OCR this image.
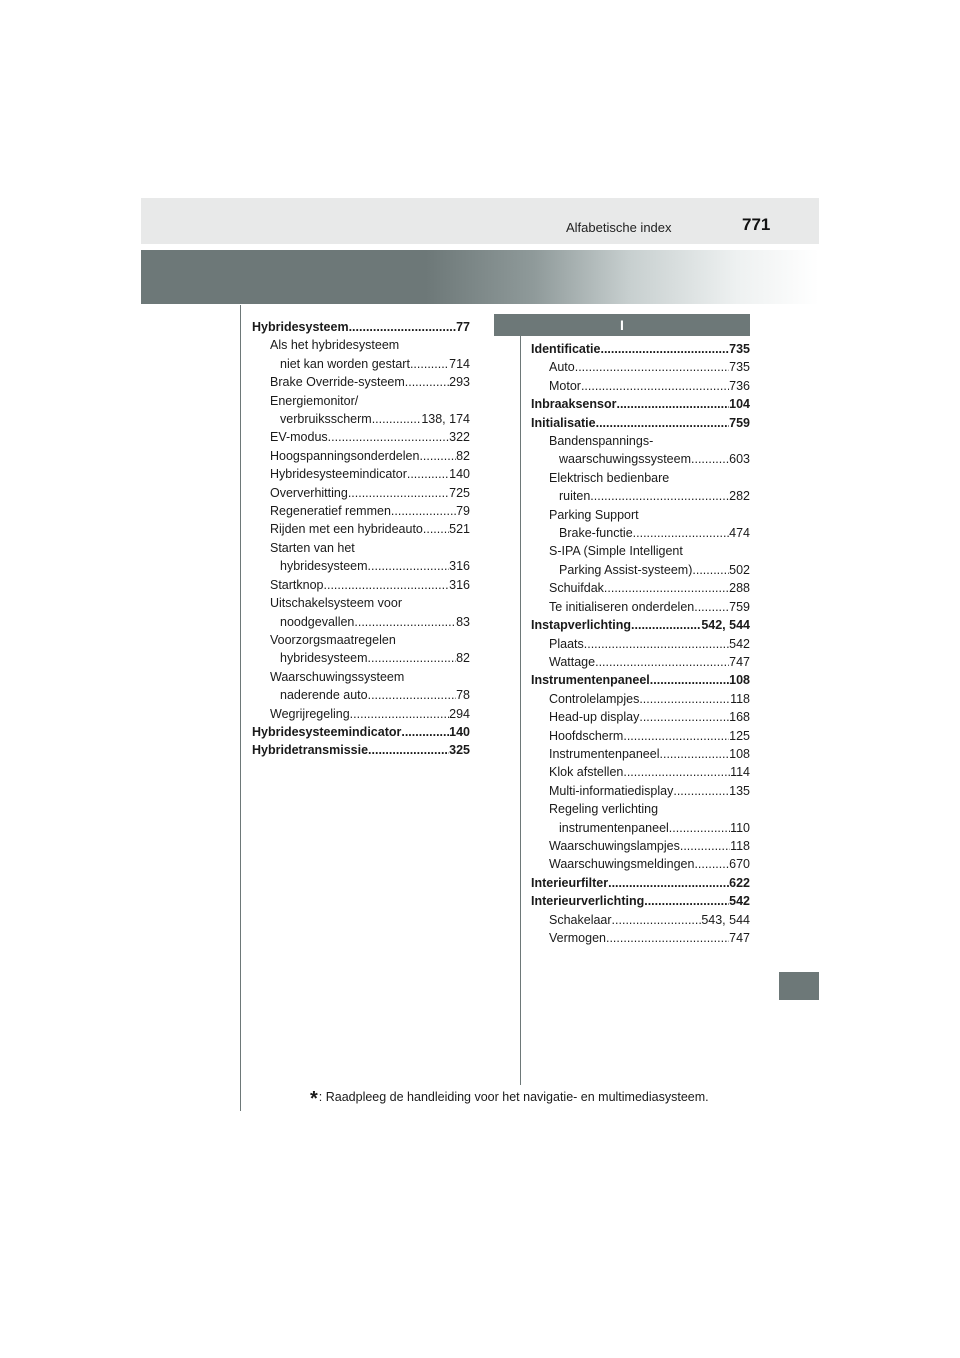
Alfabetische index	771
I
Hybridesysteem .....	77
Als het hybridesysteem
niet kan worden gestart .....	714
Brake Override-systeem .....	293
Energiemonitor/
verbruiksscherm .....	138, 174
EV-modus .....	322
Hoogspanningsonderdelen .....	82
Hybridesysteemindicator .....	140
Oververhitting .....	725
Regeneratief remmen .....	79
Rijden met een hybrideauto ..... 521
Starten van het
hybridesysteem .....	316
Startknop .....	316
Uitschakelsysteem voor
noodgevallen .....	83
Voorzorgsmaatregelen
hybridesysteem .....	82
Waarschuwingssysteem
naderende auto .....	78
Wegrijregeling .....	294
Hybridesysteemindicator .....	140
Hybridetransmissie .....	325
Identificatie .....	735
Auto .....	735
Motor .....	736
Inbraaksensor .....	104
Initialisatie .....	759
Bandenspannings-
waarschuwingssysteem .....	603
Elektrisch bedienbare
ruiten .....	282
Parking Support
Brake-functie .....	474
S-IPA (Simple Intelligent
Parking Assist-systeem) .....	502
Schuifdak .....	288
Te initialiseren onderdelen .....	759
Instapverlichting .....	542, 544
Plaats .....	542
Wattage .....	747
Instrumentenpaneel .....	108
Controlelampjes .....	118
Head-up display .....	168
Hoofdscherm .....	125
Instrumentenpaneel .....	108
Klok afstellen .....	114
Multi-informatiedisplay .....	135
Regeling verlichting
instrumentenpaneel .....	110
Waarschuwingslampjes .....	118
Waarschuwingsmeldingen .....	670
Interieurfilter .....	622
Interieurverlichting .....	542
Schakelaar .....	543, 544
Vermogen .....	747
*: Raadpleeg de handleiding voor het navigatie- en multimediasysteem.
